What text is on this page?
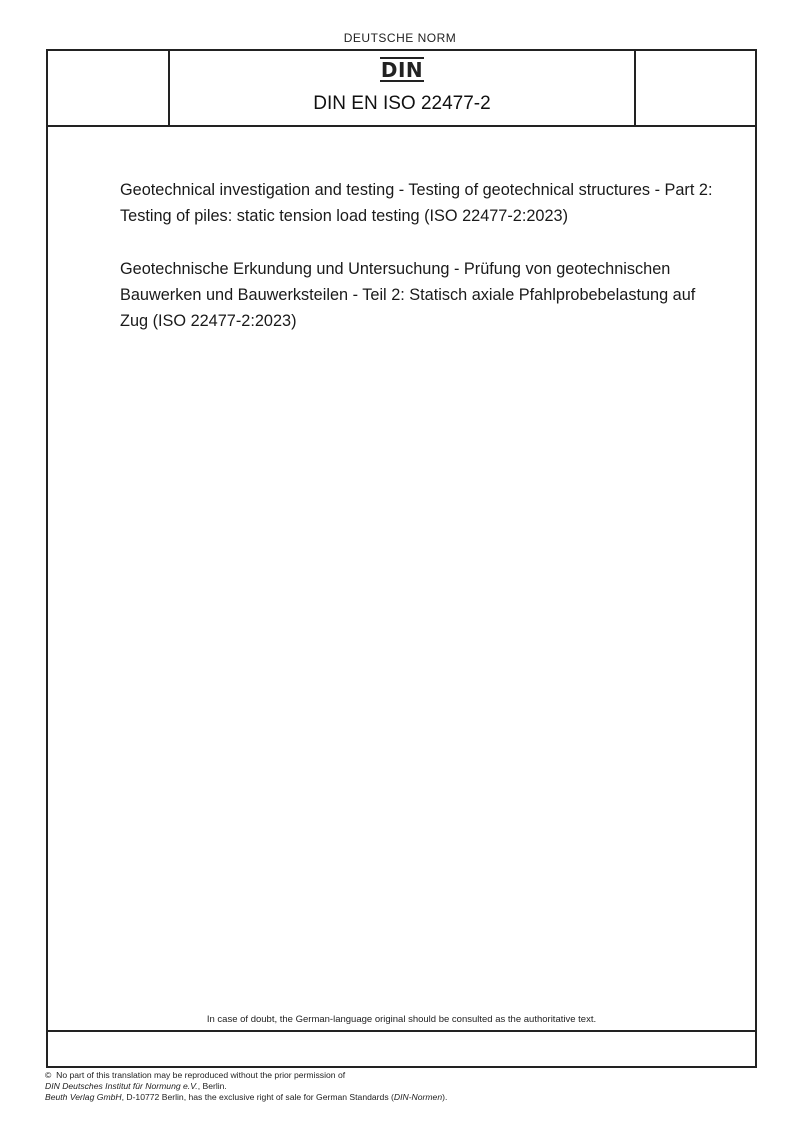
DEUTSCHE NORM
DIN
DIN EN ISO 22477-2

Geotechnical investigation and testing - Testing of geotechnical structures - Part 2: Testing of piles: static tension load testing (ISO 22477-2:2023)

Geotechnische Erkundung und Untersuchung - Prüfung von geotechnischen Bauwerken und Bauwerksteilen - Teil 2: Statisch axiale Pfahlprobebelastung auf Zug (ISO 22477-2:2023)

In case of doubt, the German-language original should be consulted as the authoritative text.

© No part of this translation may be reproduced without the prior permission of

DIN Deutsches Institut für Normung e.V., Berlin.

Beuth Verlag GmbH, D-10772 Berlin, has the exclusive right of sale for German Standards (DIN-Normen).
